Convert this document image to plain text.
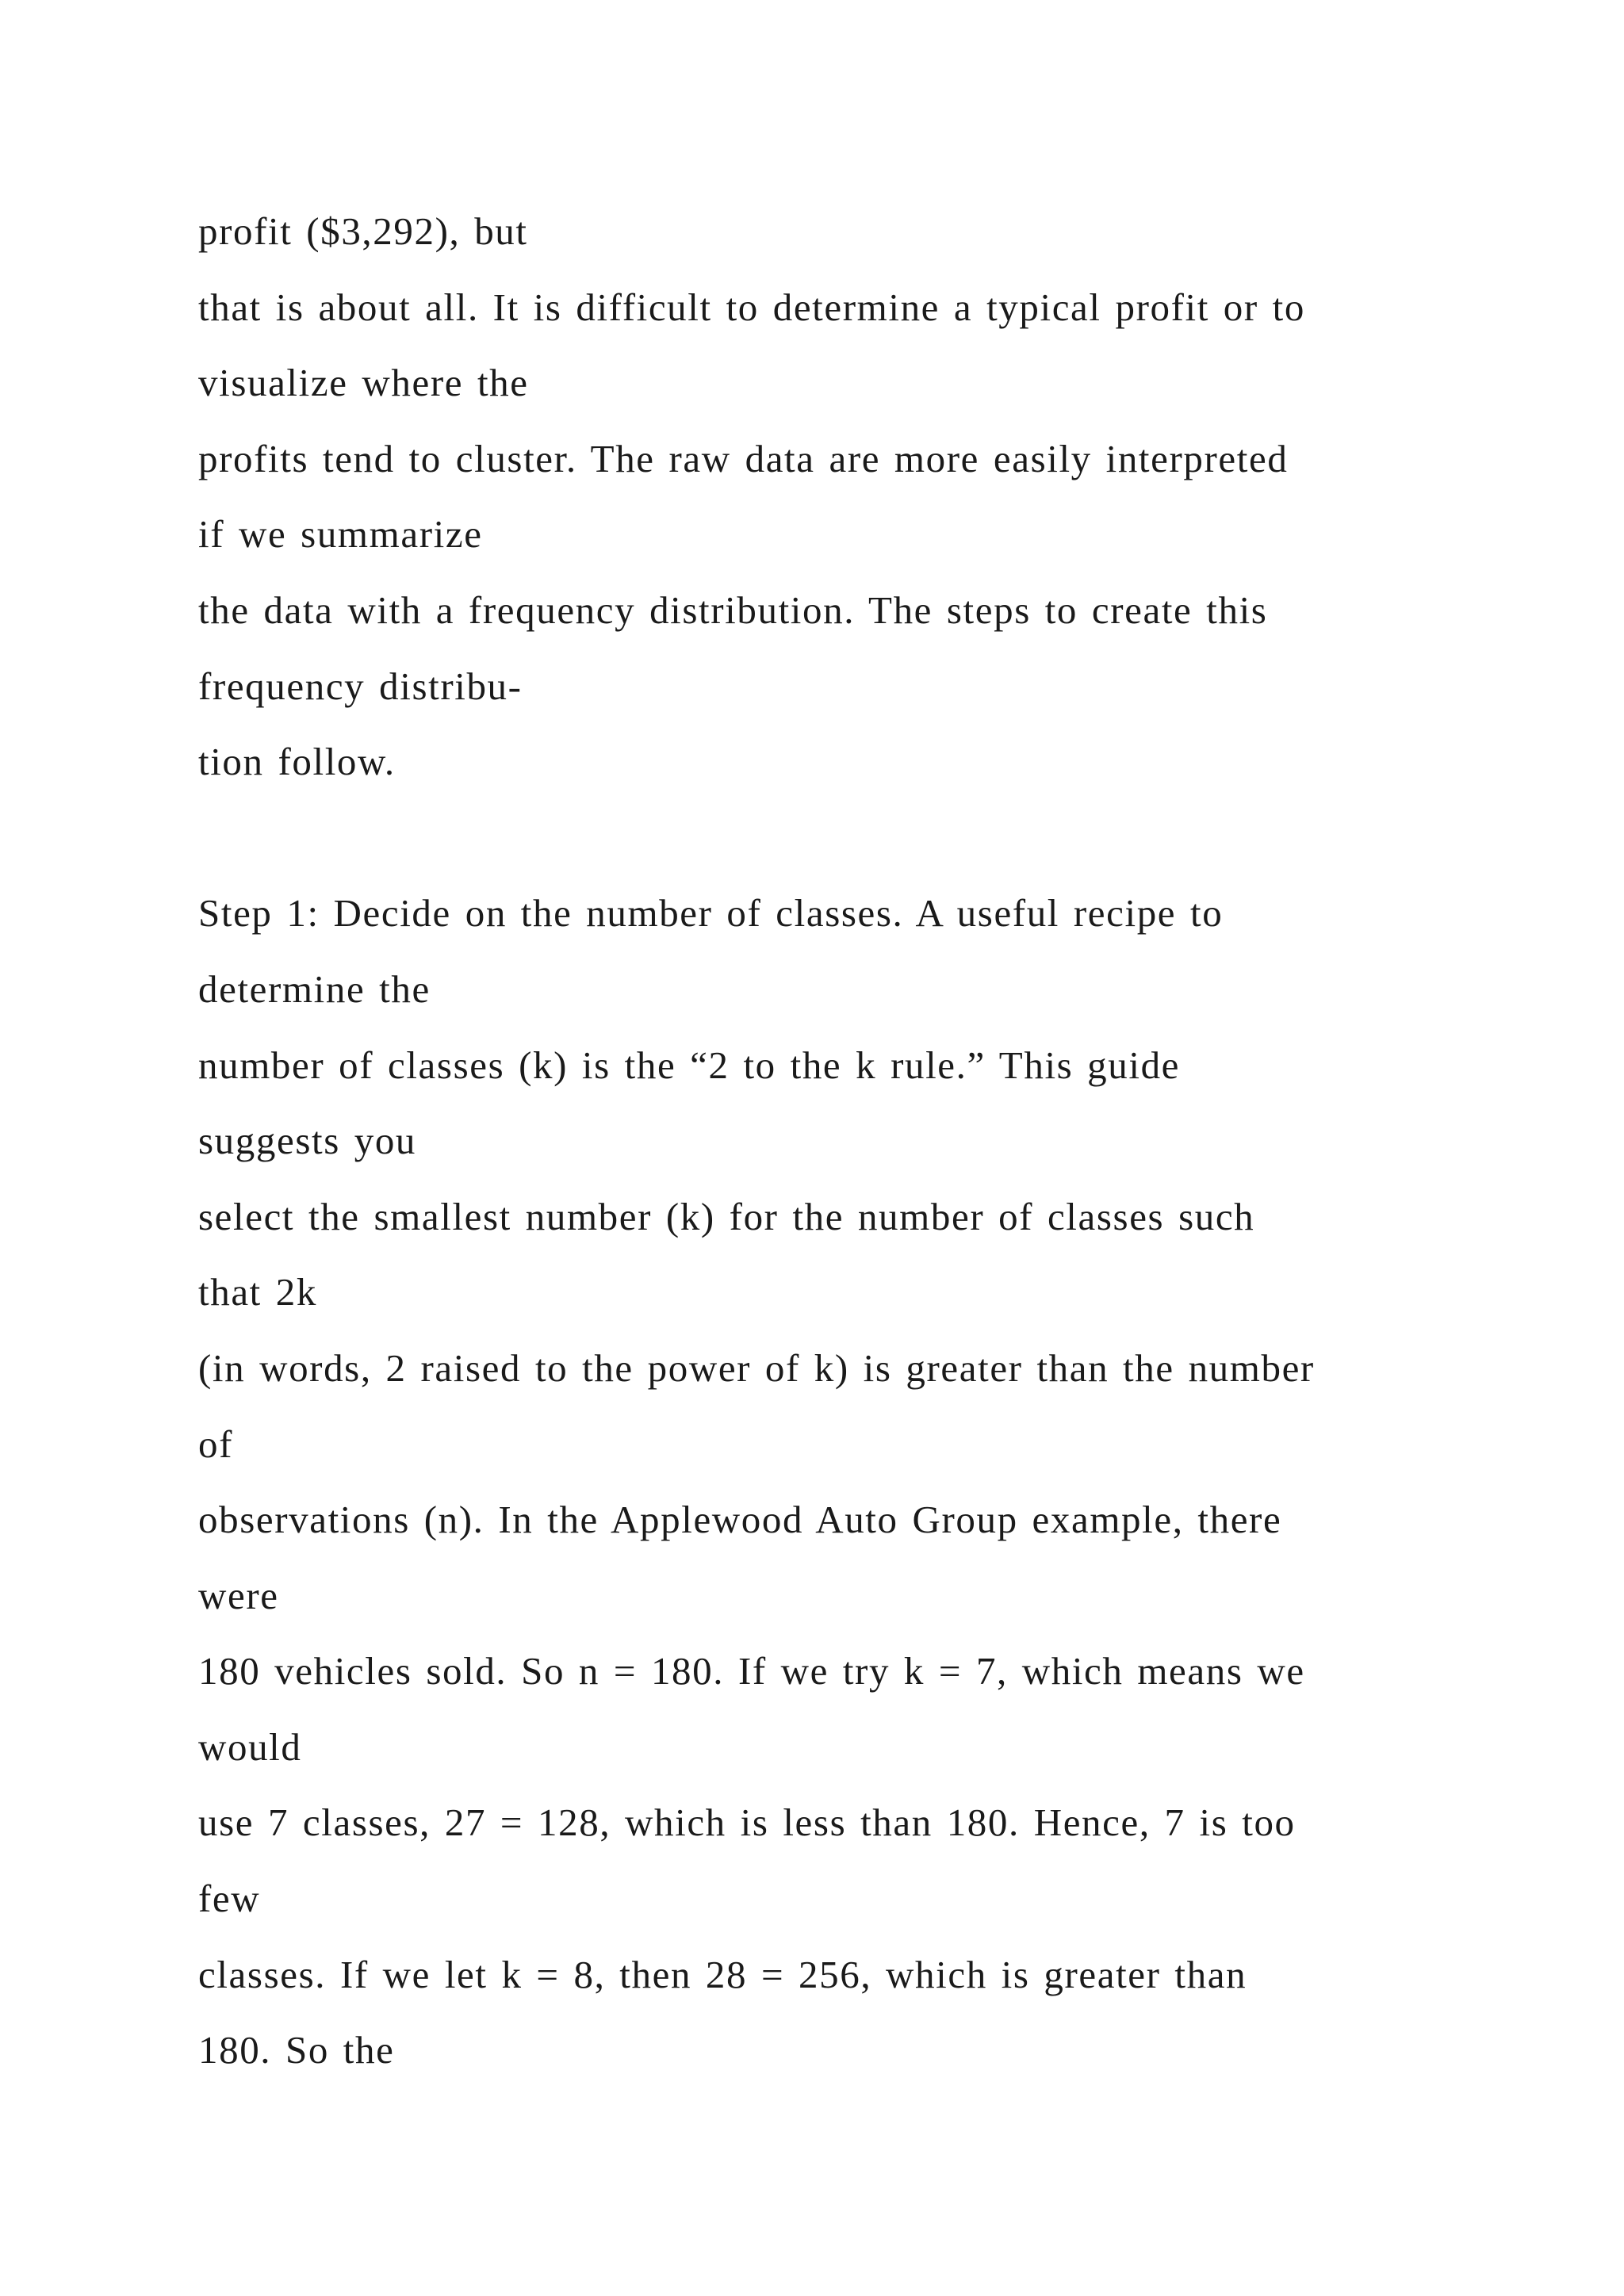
profit ($3,292), but
that is about all. It is difficult to determine a typical profit or to
visualize where the
profits tend to cluster. The raw data are more easily interpreted
if we summarize
the data with a frequency distribution. The steps to create this
frequency distribu-
tion follow.
Step 1: Decide on the number of classes. A useful recipe to
determine the
number of classes (k) is the “2 to the k rule.” This guide
suggests you
select the smallest number (k) for the number of classes such
that 2k
(in words, 2 raised to the power of k) is greater than the number
of
observations (n). In the Applewood Auto Group example, there
were
180 vehicles sold. So n = 180. If we try k = 7, which means we
would
use 7 classes, 27 = 128, which is less than 180. Hence, 7 is too
few
classes. If we let k = 8, then 28 = 256, which is greater than
180. So the
